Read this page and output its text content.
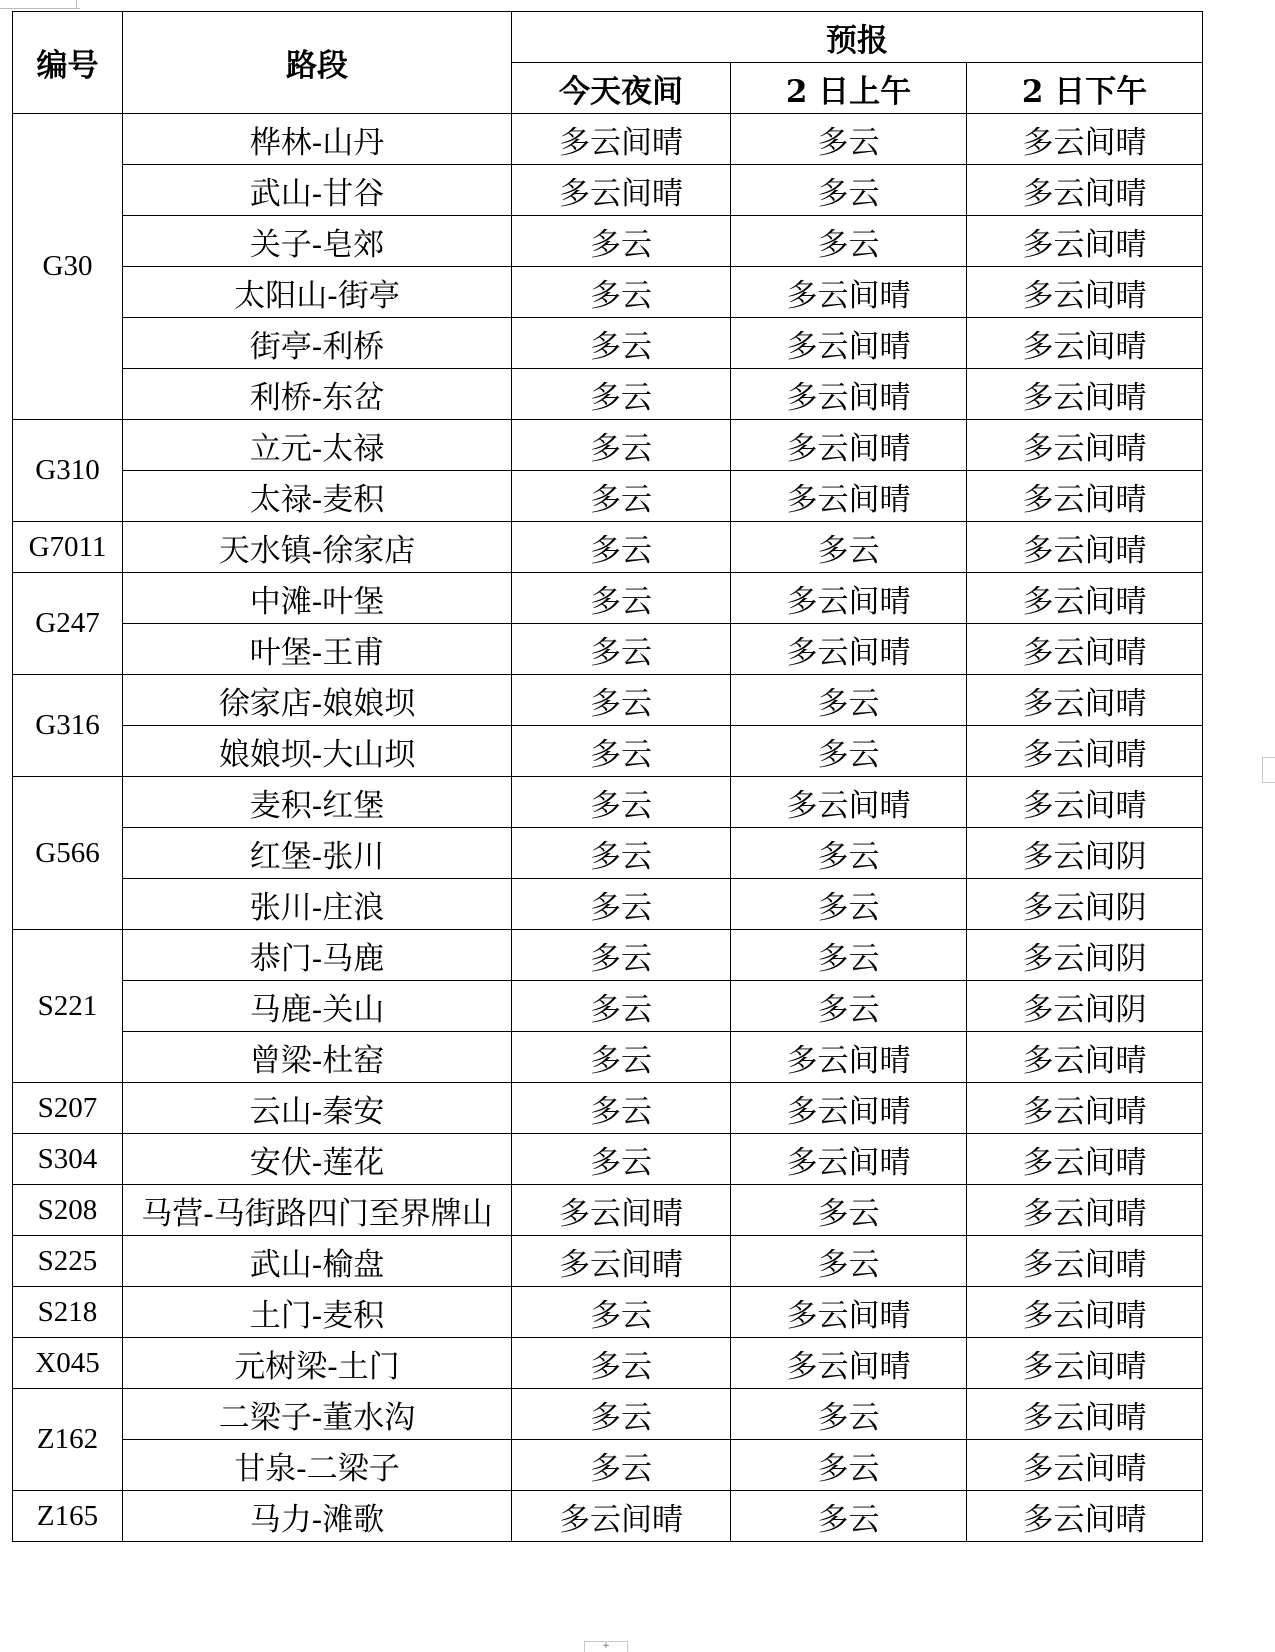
编号	路段	预报		
		今天夜间	2 日上午	2 日下午
G30	桦林-山丹	多云间晴	多云	多云间晴
	武山-甘谷	多云间晴	多云	多云间晴
	关子-皂郊	多云	多云	多云间晴
	太阳山-街亭	多云	多云间晴	多云间晴
	街亭-利桥	多云	多云间晴	多云间晴
	利桥-东岔	多云	多云间晴	多云间晴
G310	立元-太禄	多云	多云间晴	多云间晴
	太禄-麦积	多云	多云间晴	多云间晴
G7011	天水镇-徐家店	多云	多云	多云间晴
G247	中滩-叶堡	多云	多云间晴	多云间晴
	叶堡-王甫	多云	多云间晴	多云间晴
G316	徐家店-娘娘坝	多云	多云	多云间晴
	娘娘坝-大山坝	多云	多云	多云间晴
G566	麦积-红堡	多云	多云间晴	多云间晴
	红堡-张川	多云	多云	多云间阴
	张川-庄浪	多云	多云	多云间阴
S221	恭门-马鹿	多云	多云	多云间阴
	马鹿-关山	多云	多云	多云间阴
	曾梁-杜窑	多云	多云间晴	多云间晴
S207	云山-秦安	多云	多云间晴	多云间晴
S304	安伏-莲花	多云	多云间晴	多云间晴
S208	马营-马街路四门至界牌山	多云间晴	多云	多云间晴
S225	武山-榆盘	多云间晴	多云	多云间晴
S218	土门-麦积	多云	多云间晴	多云间晴
X045	元树梁-土门	多云	多云间晴	多云间晴
Z162	二梁子-董水沟	多云	多云	多云间晴
	甘泉-二梁子	多云	多云	多云间晴
Z165	马力-滩歌	多云间晴	多云	多云间晴
+
